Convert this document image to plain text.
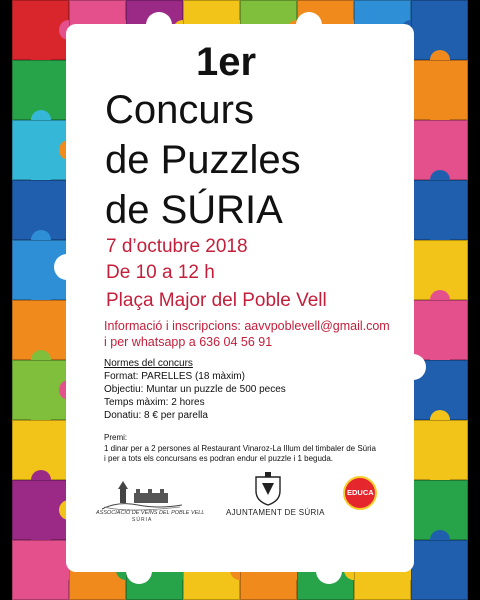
1er

Concurs

de Puzzles

de SÚRIA

7 d’octubre 2018

De 10 a 12 h

Plaça Major del Poble Vell

Informació i inscripcions: aavvpoblevell@gmail.com

i per whatsapp a 636 04 56 91

Normes del concurs

Format: PARELLES (18 màxim)

Objectiu: Muntar un puzzle de 500 peces

Temps màxim: 2 hores

Donatiu: 8 € per parella

Premi:

1 dinar per a 2 persones al Restaurant Vinaroz-La Illum del timbaler de Súria

i per a tots els concursans es podran endur el puzzle i 1 beguda.

ASSOCIACIÓ DE VEÏNS DEL POBLE VELL

SÚRIA

AJUNTAMENT DE SÚRIA

EDUCA
